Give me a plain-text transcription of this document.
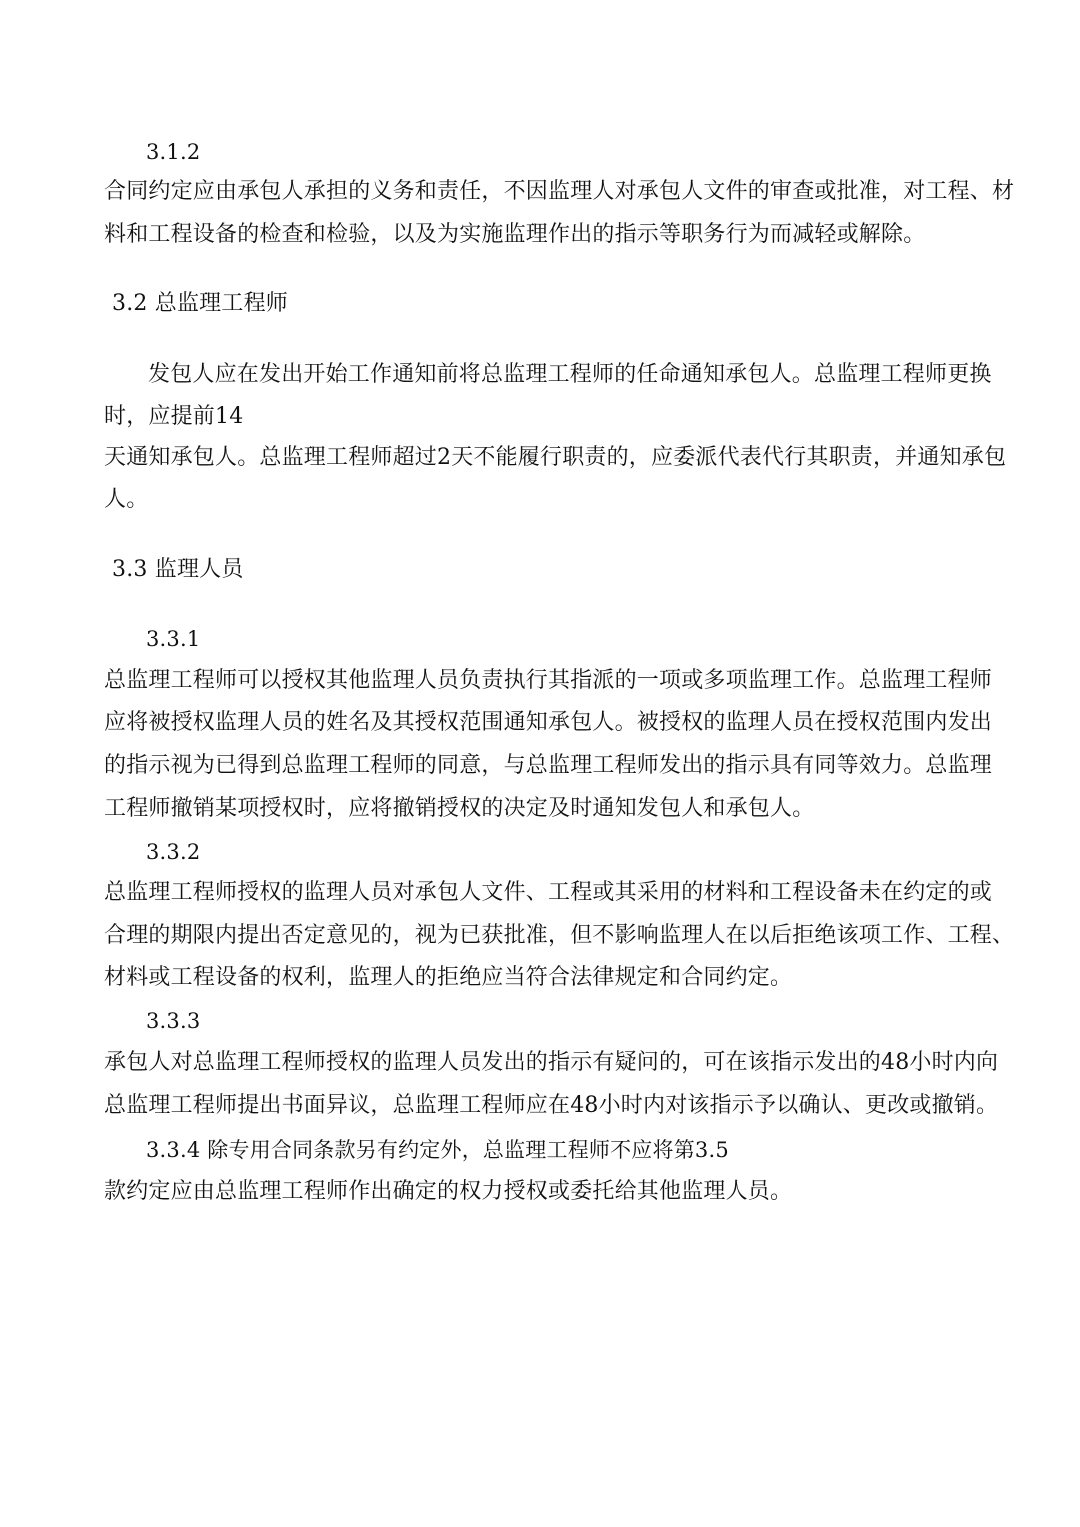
3.1.2
合同约定应由承包人承担的义务和责任，不因监理人对承包人文件的审查或批准，对工程、材
料和工程设备的检查和检验，以及为实施监理作出的指示等职务行为而减轻或解除。
3.2 总监理工程师
发包人应在发出开始工作通知前将总监理工程师的任命通知承包人。总监理工程师更换
时，应提前14
天通知承包人。总监理工程师超过2天不能履行职责的，应委派代表代行其职责，并通知承包
人。
3.3 监理人员
3.3.1
总监理工程师可以授权其他监理人员负责执行其指派的一项或多项监理工作。总监理工程师
应将被授权监理人员的姓名及其授权范围通知承包人。被授权的监理人员在授权范围内发出
的指示视为已得到总监理工程师的同意，与总监理工程师发出的指示具有同等效力。总监理
工程师撤销某项授权时，应将撤销授权的决定及时通知发包人和承包人。
3.3.2
总监理工程师授权的监理人员对承包人文件、工程或其采用的材料和工程设备未在约定的或
合理的期限内提出否定意见的，视为已获批准，但不影响监理人在以后拒绝该项工作、工程、
材料或工程设备的权利，监理人的拒绝应当符合法律规定和合同约定。
3.3.3
承包人对总监理工程师授权的监理人员发出的指示有疑问的，可在该指示发出的48小时内向
总监理工程师提出书面异议，总监理工程师应在48小时内对该指示予以确认、更改或撤销。
3.3.4 除专用合同条款另有约定外，总监理工程师不应将第3.5
款约定应由总监理工程师作出确定的权力授权或委托给其他监理人员。
